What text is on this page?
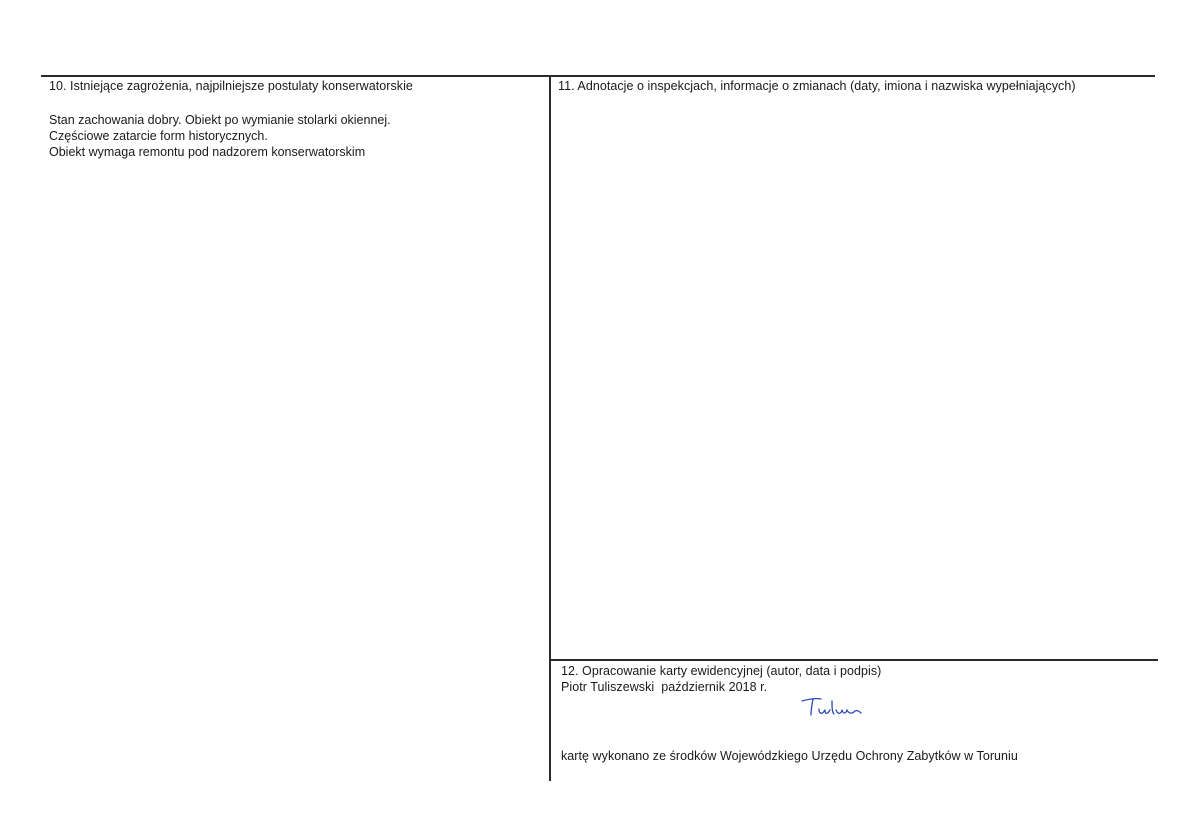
10. Istniejące zagrożenia, najpilniejsze postulaty konserwatorskie
Stan zachowania dobry. Obiekt po wymianie stolarki okiennej.
Częściowe zatarcie form historycznych.
Obiekt wymaga remontu pod nadzorem konserwatorskim
11. Adnotacje o inspekcjach, informacje o zmianach (daty, imiona i nazwiska wypełniających)
12. Opracowanie karty ewidencyjnej (autor, data i podpis)
Piotr Tuliszewski  październik 2018 r.
kartę wykonano ze środków Wojewódzkiego Urzędu Ochrony Zabytków w Toruniu
